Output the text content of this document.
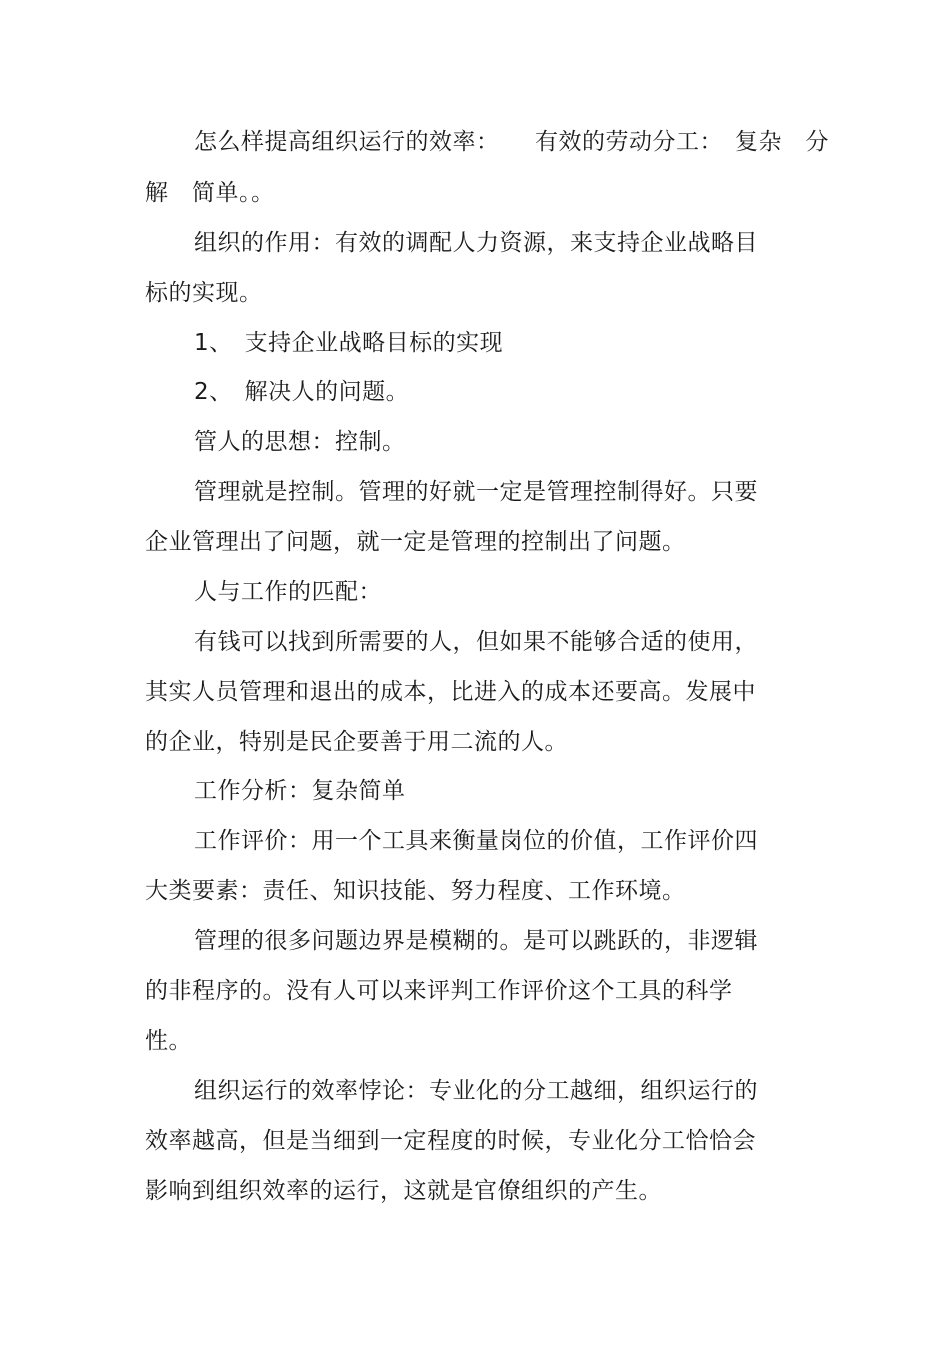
怎么样提高组织运行的效率：　　有效的劳动分工：　复杂　分
解　简单。。
组织的作用：有效的调配人力资源，来支持企业战略目
标的实现。
1、　支持企业战略目标的实现
2、　解决人的问题。
管人的思想：控制。
管理就是控制。管理的好就一定是管理控制得好。只要
企业管理出了问题，就一定是管理的控制出了问题。
人与工作的匹配：
有钱可以找到所需要的人，但如果不能够合适的使用，
其实人员管理和退出的成本，比进入的成本还要高。发展中
的企业，特别是民企要善于用二流的人。
工作分析：复杂简单
工作评价：用一个工具来衡量岗位的价值，工作评价四
大类要素：责任、知识技能、努力程度、工作环境。
管理的很多问题边界是模糊的。是可以跳跃的，非逻辑
的非程序的。没有人可以来评判工作评价这个工具的科学
性。
组织运行的效率悖论：专业化的分工越细，组织运行的
效率越高，但是当细到一定程度的时候，专业化分工恰恰会
影响到组织效率的运行，这就是官僚组织的产生。
